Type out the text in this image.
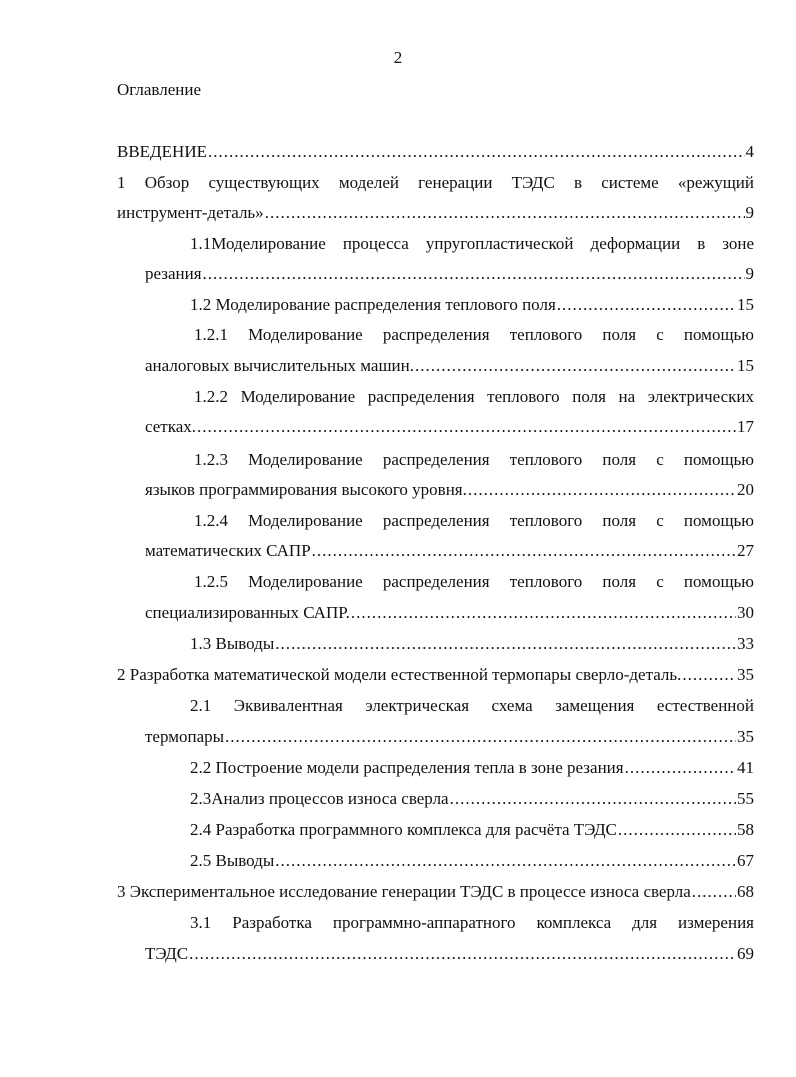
2
Оглавление
ВВЕДЕНИЕ .....	4
1 Обзор существующих моделей генерации ТЭДС в системе «режущий
инструмент-деталь» .....	9
1.1Моделирование процесса упругопластической деформации в зоне
резания .....	9
1.2 Моделирование распределения теплового поля .....	15
1.2.1 Моделирование распределения теплового поля с помощью
аналоговых вычислительных машин. .....	15
1.2.2 Моделирование распределения теплового поля на электрических
сетках. .....	17
1.2.3 Моделирование распределения теплового поля с помощью
языков программирования высокого уровня. .....	20
1.2.4 Моделирование распределения теплового поля с помощью
математических САПР .....	27
1.2.5 Моделирование распределения теплового поля с помощью
специализированных САПР. .....	30
1.3 Выводы .....	33
2 Разработка математической модели естественной термопары сверло-деталь. .....	35
2.1 Эквивалентная электрическая схема замещения естественной
термопары .....	35
2.2 Построение модели распределения тепла в зоне резания .....	41
2.3Анализ процессов износа сверла .....	55
2.4 Разработка программного комплекса для расчёта ТЭДС .....	58
2.5 Выводы .....	67
3 Экспериментальное исследование генерации ТЭДС в процессе износа сверла .....	68
3.1 Разработка программно-аппаратного комплекса для измерения
ТЭДС .....	69
